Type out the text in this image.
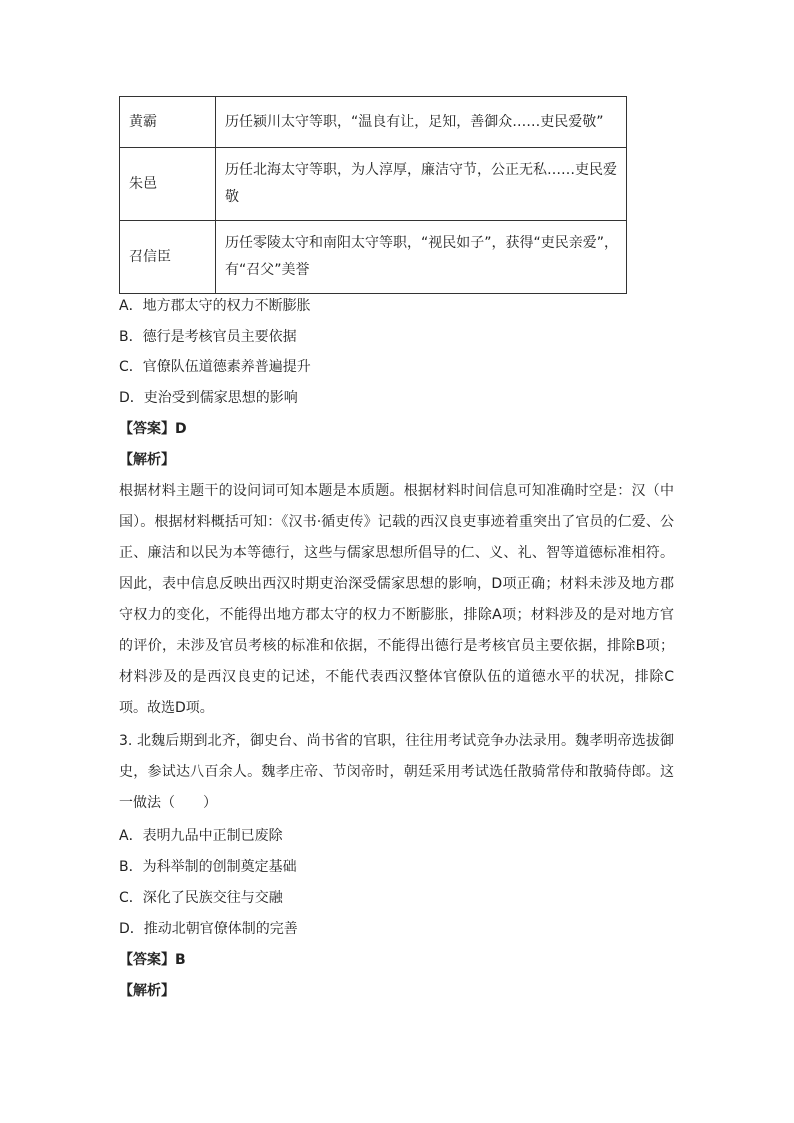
黄霸	历任颍川太守等职，“温良有让，足知，善御众……吏民爱敬”
朱邑	历任北海太守等职，为人淳厚，廉洁守节，公正无私……吏民爱敬
召信臣	历任零陵太守和南阳太守等职，“视民如子”，获得“吏民亲爱”，有“召父”美誉
A．地方郡太守的权力不断膨胀
B．德行是考核官员主要依据
C．官僚队伍道德素养普遍提升
D．吏治受到儒家思想的影响
【答案】D
【解析】
根据材料主题干的设问词可知本题是本质题。根据材料时间信息可知准确时空是：汉（中国）。根据材料概括可知：《汉书·循吏传》记载的西汉良吏事迹着重突出了官员的仁爱、公正、廉洁和以民为本等德行，这些与儒家思想所倡导的仁、义、礼、智等道德标准相符。因此，表中信息反映出西汉时期吏治深受儒家思想的影响，D项正确；材料未涉及地方郡守权力的变化，不能得出地方郡太守的权力不断膨胀，排除A项；材料涉及的是对地方官的评价，未涉及官员考核的标准和依据，不能得出德行是考核官员主要依据，排除B项；材料涉及的是西汉良吏的记述，不能代表西汉整体官僚队伍的道德水平的状况，排除C项。故选D项。
3. 北魏后期到北齐，御史台、尚书省的官职，往往用考试竞争办法录用。魏孝明帝选拔御史，参试达八百余人。魏孝庄帝、节闵帝时，朝廷采用考试选任散骑常侍和散骑侍郎。这一做法（　　）
A．表明九品中正制已废除
B．为科举制的创制奠定基础
C．深化了民族交往与交融
D．推动北朝官僚体制的完善
【答案】B
【解析】
